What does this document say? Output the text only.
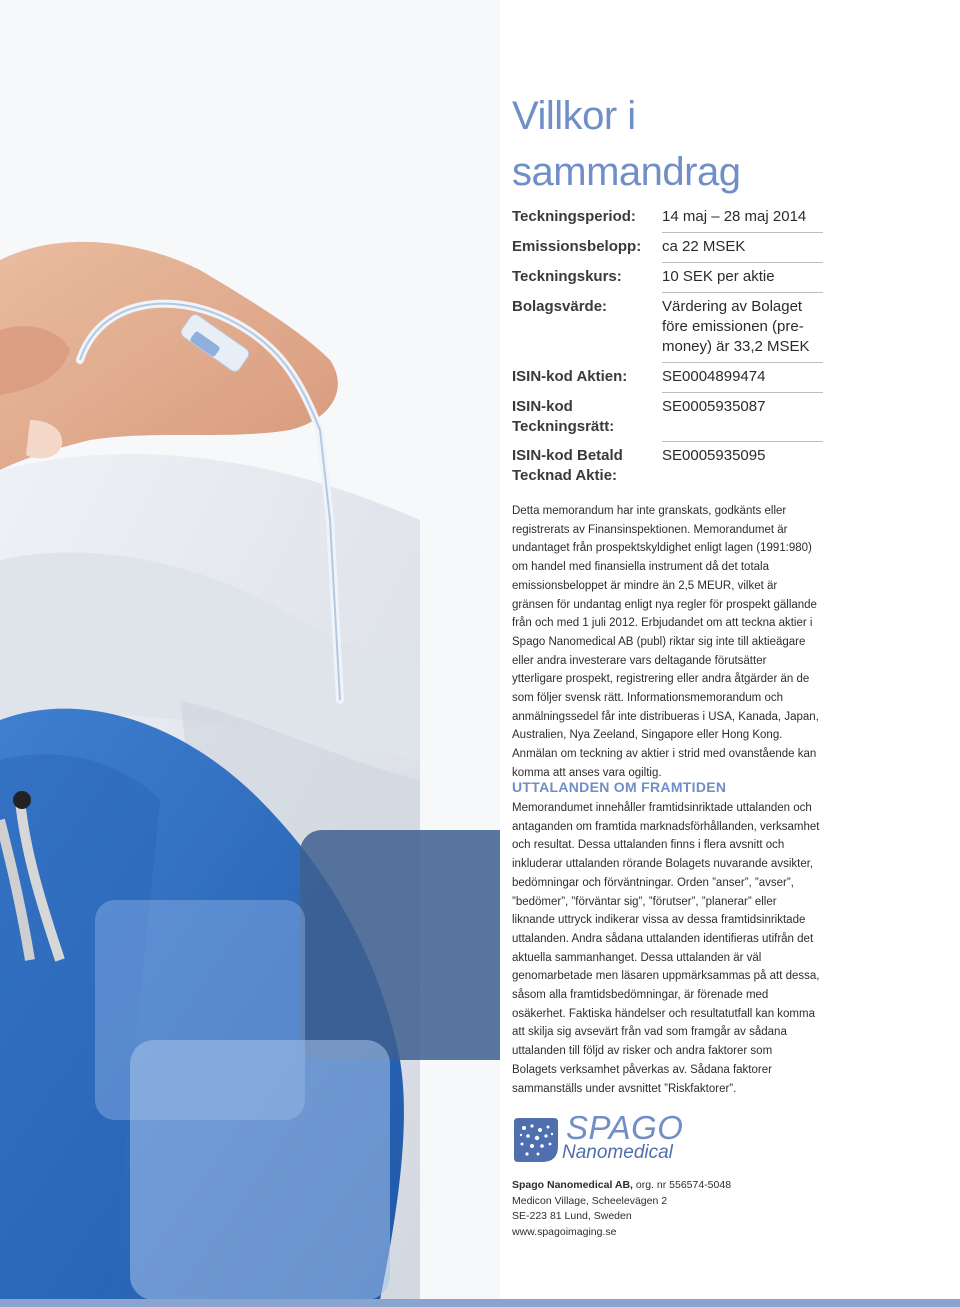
Villkor i
sammandrag
Teckningsperiod:	14 maj – 28 maj 2014
Emissionsbelopp:	ca 22 MSEK
Teckningskurs:	10 SEK per aktie
Bolagsvärde:	Värdering av Bolaget före emissionen (pre-money) är 33,2 MSEK
ISIN-kod Aktien:	SE0004899474
ISIN-kod Teckningsrätt:	SE0005935087
ISIN-kod Betald Tecknad Aktie:	SE0005935095

Detta memorandum har inte granskats, godkänts eller registrerats av Finansinspektionen. Memorandumet är undantaget från prospektskyldighet enligt lagen (1991:980) om handel med finansiella instrument då det totala emissionsbeloppet är mindre än 2,5 MEUR, vilket är gränsen för undantag enligt nya regler för prospekt gällande från och med 1 juli 2012. Erbjudandet om att teckna aktier i Spago Nanomedical AB (publ) riktar sig inte till aktieägare eller andra investerare vars deltagande förutsätter ytterligare prospekt, registrering eller andra åtgärder än de som följer svensk rätt. Informationsmemorandum och anmälningssedel får inte distribueras i USA, Kanada, Japan, Australien, Nya Zeeland, Singapore eller Hong Kong. Anmälan om teckning av aktier i strid med ovanstående kan komma att anses vara ogiltig.

UTTALANDEN OM FRAMTIDEN

Memorandumet innehåller framtidsinriktade uttalanden och antaganden om framtida marknadsförhållanden, verksamhet och resultat. Dessa uttalanden finns i flera avsnitt och inkluderar uttalanden rörande Bolagets nuvarande avsikter, bedömningar och förväntningar. Orden ”anser”, ”avser”, ”bedömer”, ”förväntar sig”, ”förutser”, ”planerar” eller liknande uttryck indikerar vissa av dessa framtidsinriktade uttalanden. Andra sådana uttalanden identifieras utifrån det aktuella sammanhanget. Dessa uttalanden är väl genomarbetade men läsaren uppmärksammas på att dessa, såsom alla framtidsbedömningar, är förenade med osäkerhet. Faktiska händelser och resultatutfall kan komma att skilja sig avsevärt från vad som framgår av sådana uttalanden till följd av risker och andra faktorer som Bolagets verksamhet påverkas av. Sådana faktorer sammanställs under avsnittet ”Riskfaktorer”.

SPAGO
Nanomedical
Spago Nanomedical AB, org. nr 556574-5048
Medicon Village, Scheelevägen 2
SE-223 81 Lund, Sweden
www.spagoimaging.se
